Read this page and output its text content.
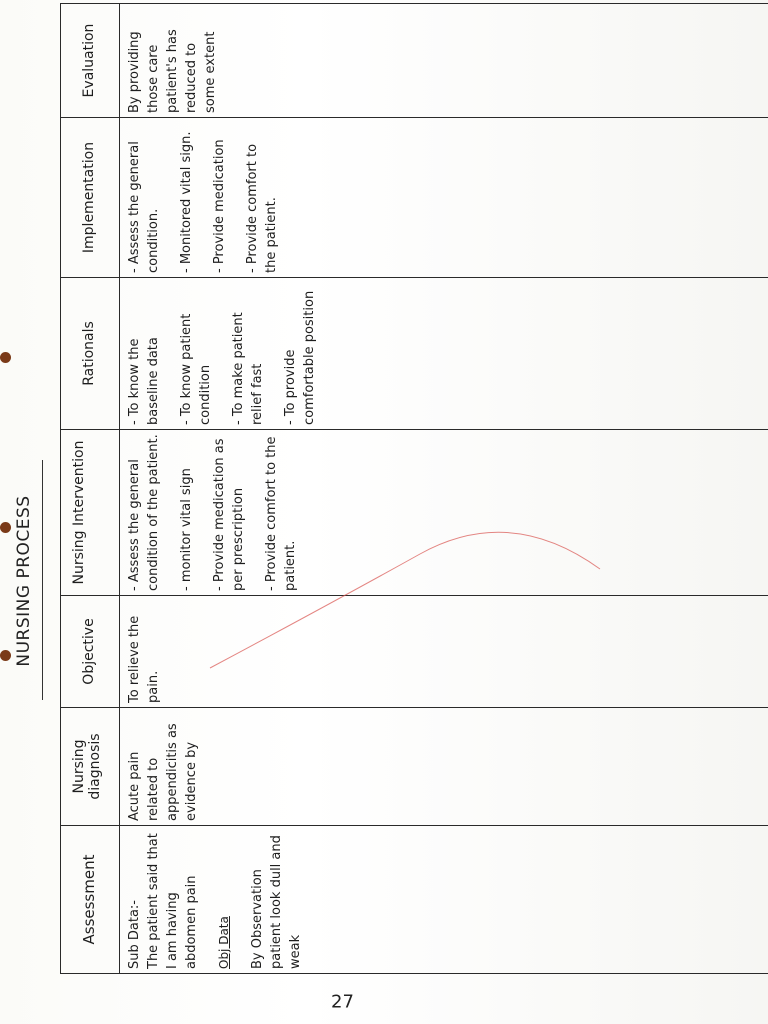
NURSING PROCESS
27
Assessment Sub Data:- The patient said that I am having abdomen pain Obj Data By Observation patient look dull and weak

Nursing diagnosis Acute pain related to appendicitis as evidence by

Objective To relieve the pain.

Nursing Intervention	- Assess the general condition of the patient. - monitor vital sign - Provide medication as per prescription - Provide comfort to the patient.

Rationals - To know the baseline data - To know patient condition - To make patient relief fast - To provide comfortable position

Implementation - Assess the general condition. - Monitored vital sign. - Provide medication - Provide comfort to the patient.

Evaluation By providing those care patient's has reduced to some extent
